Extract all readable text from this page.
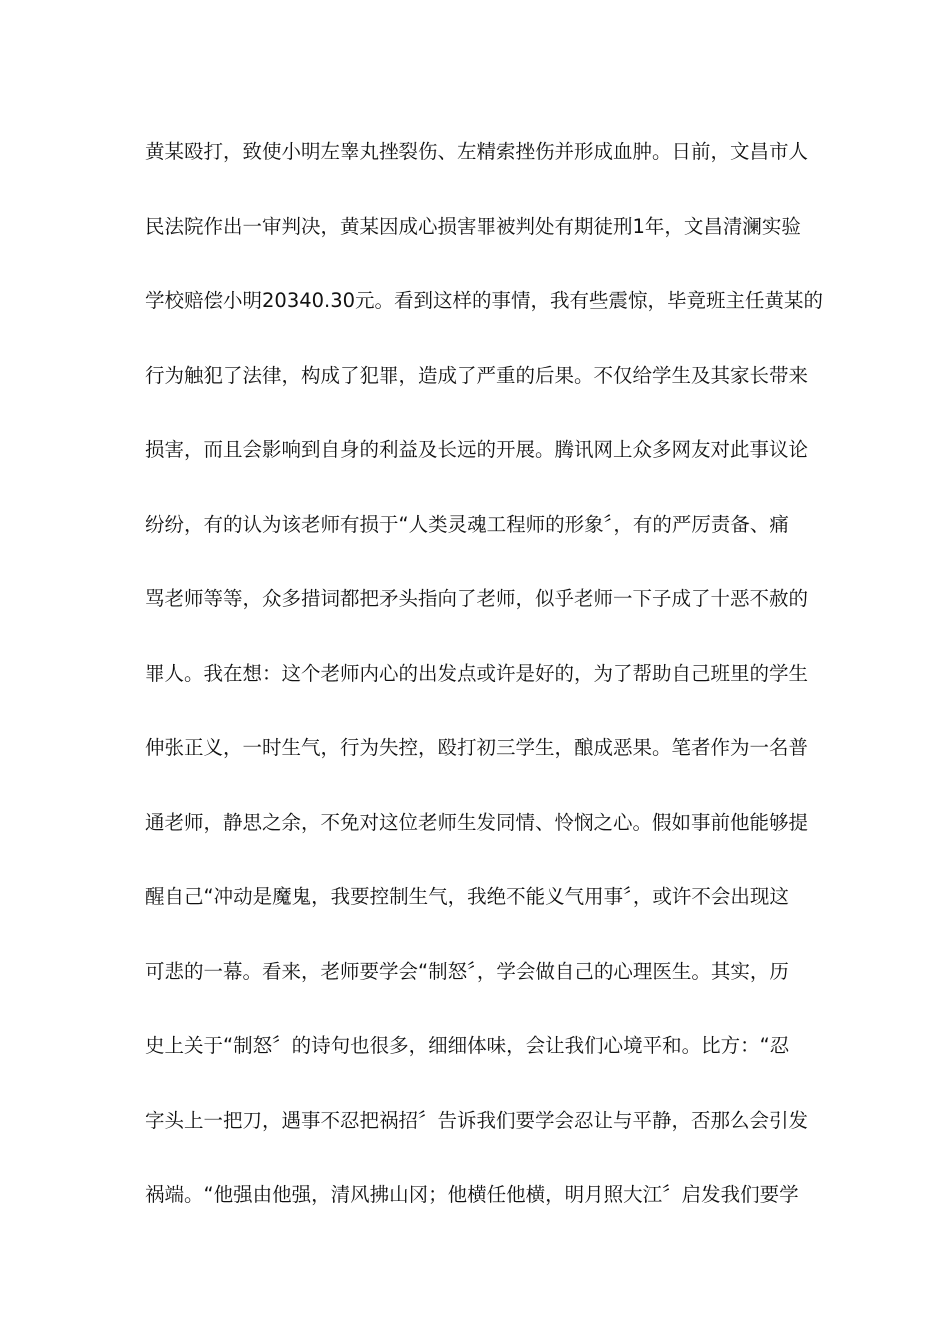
黄某殴打，致使小明左睾丸挫裂伤、左精索挫伤并形成血肿。日前，文昌市人
民法院作出一审判决，黄某因成心损害罪被判处有期徒刑1年，文昌清澜实验
学校赔偿小明20340.30元。看到这样的事情，我有些震惊，毕竟班主任黄某的
行为触犯了法律，构成了犯罪，造成了严重的后果。不仅给学生及其家长带来
损害，而且会影响到自身的利益及长远的开展。腾讯网上众多网友对此事议论
纷纷，有的认为该老师有损于“人类灵魂工程师的形象〞，有的严厉责备、痛
骂老师等等，众多措词都把矛头指向了老师，似乎老师一下子成了十恶不赦的
罪人。我在想：这个老师内心的出发点或许是好的，为了帮助自己班里的学生
伸张正义，一时生气，行为失控，殴打初三学生，酿成恶果。笔者作为一名普
通老师，静思之余，不免对这位老师生发同情、怜悯之心。假如事前他能够提
醒自己“冲动是魔鬼，我要控制生气，我绝不能义气用事〞，或许不会出现这
可悲的一幕。看来，老师要学会“制怒〞，学会做自己的心理医生。其实，历
史上关于“制怒〞的诗句也很多，细细体味，会让我们心境平和。比方：“忍
字头上一把刀，遇事不忍把祸招〞告诉我们要学会忍让与平静，否那么会引发
祸端。“他强由他强，清风拂山冈；他横任他横，明月照大江〞启发我们要学
